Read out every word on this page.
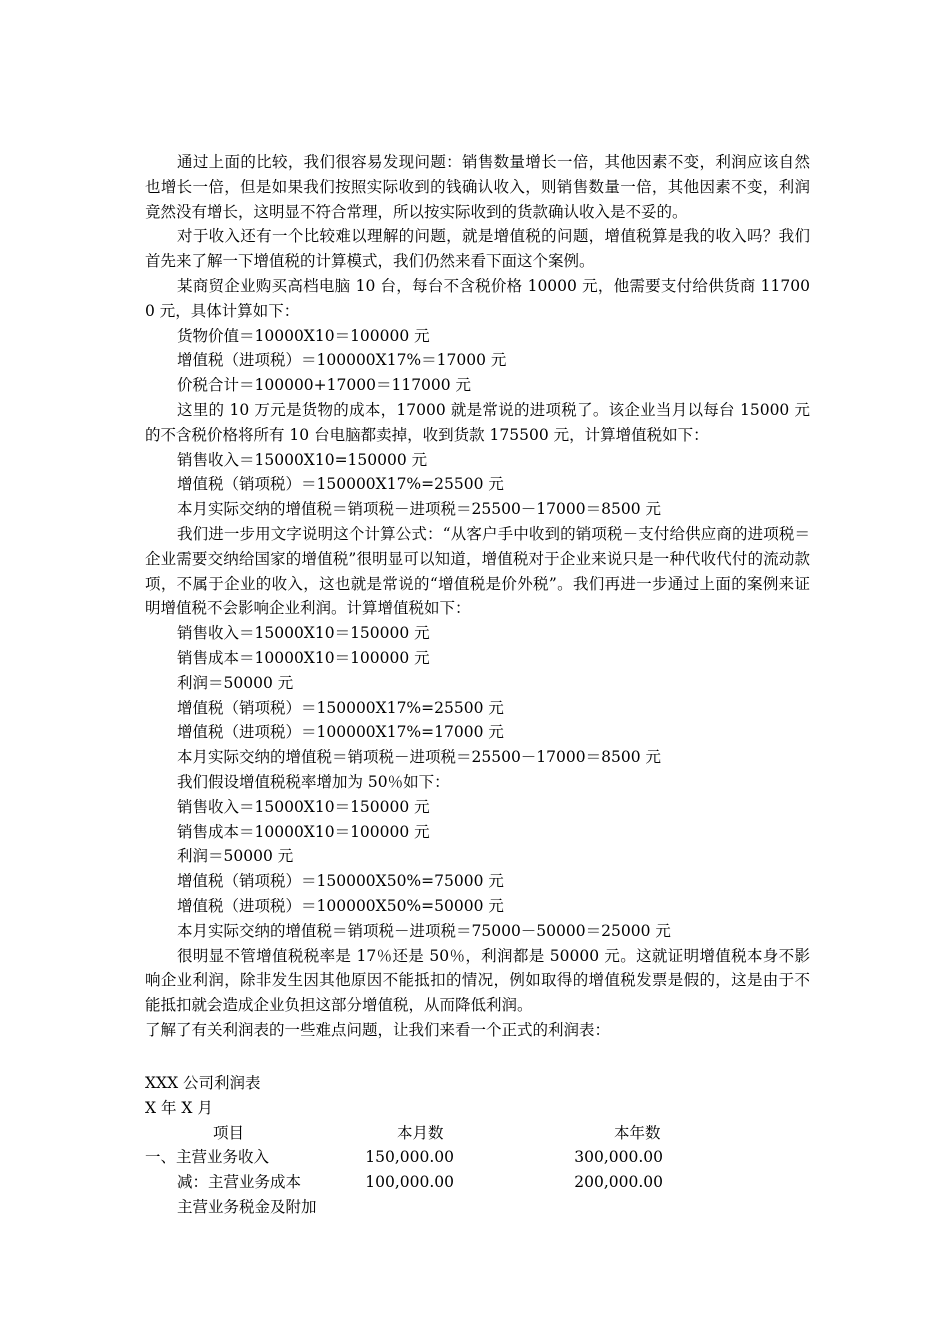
通过上面的比较，我们很容易发现问题：销售数量增长一倍，其他因素不变，利润应该自然也增长一倍，但是如果我们按照实际收到的钱确认收入，则销售数量一倍，其他因素不变，利润竟然没有增长，这明显不符合常理，所以按实际收到的货款确认收入是不妥的。

对于收入还有一个比较难以理解的问题，就是增值税的问题，增值税算是我的收入吗？我们首先来了解一下增值税的计算模式，我们仍然来看下面这个案例。

某商贸企业购买高档电脑 10 台，每台不含税价格 10000 元，他需要支付给供货商 117000 元，具体计算如下：

货物价值＝10000X10＝100000 元

增值税（进项税）＝100000X17%＝17000 元

价税合计＝100000+17000＝117000 元

这里的 10 万元是货物的成本，17000 就是常说的进项税了。该企业当月以每台 15000 元的不含税价格将所有 10 台电脑都卖掉，收到货款 175500 元，计算增值税如下：

销售收入＝15000X10=150000 元

增值税（销项税）＝150000X17%=25500 元

本月实际交纳的增值税＝销项税－进项税＝25500－17000＝8500 元

我们进一步用文字说明这个计算公式：“从客户手中收到的销项税－支付给供应商的进项税＝企业需要交纳给国家的增值税”很明显可以知道，增值税对于企业来说只是一种代收代付的流动款项，不属于企业的收入，这也就是常说的“增值税是价外税”。我们再进一步通过上面的案例来证明增值税不会影响企业利润。计算增值税如下：

销售收入＝15000X10＝150000 元

销售成本＝10000X10＝100000 元

利润＝50000 元

增值税（销项税）＝150000X17%=25500 元

增值税（进项税）＝100000X17%=17000 元

本月实际交纳的增值税＝销项税－进项税＝25500－17000＝8500 元

我们假设增值税税率增加为 50％如下：

销售收入＝15000X10＝150000 元

销售成本＝10000X10＝100000 元

利润＝50000 元

增值税（销项税）＝150000X50%=75000 元

增值税（进项税）＝100000X50%=50000 元

本月实际交纳的增值税＝销项税－进项税＝75000－50000＝25000 元

很明显不管增值税税率是 17％还是 50％，利润都是 50000 元。这就证明增值税本身不影响企业利润，除非发生因其他原因不能抵扣的情况，例如取得的增值税发票是假的，这是由于不能抵扣就会造成企业负担这部分增值税，从而降低利润。

了解了有关利润表的一些难点问题，让我们来看一个正式的利润表：

XXX 公司利润表
X 年 X 月
项目	本月数	本年数
一、主营业务收入	150,000.00	300,000.00
减：主营业务成本	100,000.00	200,000.00
主营业务税金及附加
